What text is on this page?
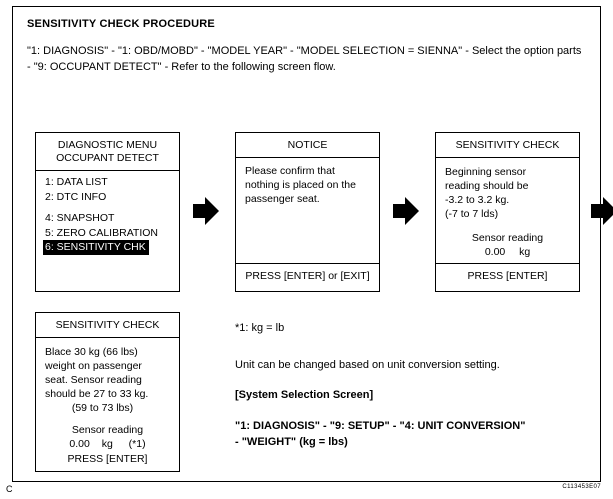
SENSITIVITY CHECK PROCEDURE
"1: DIAGNOSIS" - "1: OBD/MOBD" - "MODEL YEAR" - "MODEL SELECTION = SIENNA" - Select the option parts - "9: OCCUPANT DETECT" - Refer to the following screen flow.
DIAGNOSTIC MENU
OCCUPANT DETECT
1: DATA LIST
2: DTC INFO
4: SNAPSHOT
5: ZERO CALIBRATION
6: SENSITIVITY CHK
NOTICE
Please confirm that nothing is placed on the passenger seat.
PRESS [ENTER] or [EXIT]
SENSITIVITY CHECK
Beginning sensor
reading should be
-3.2 to 3.2 kg.
(-7 to 7 lds)
Sensor reading
0.00 kg
PRESS [ENTER]
SENSITIVITY CHECK
Blace 30 kg (66 lbs)
weight on passenger
seat. Sensor reading
should be 27 to 33 kg.
(59 to 73 lbs)
Sensor reading
0.00 kg (*1)
PRESS [ENTER]
*1: kg = lb
Unit can be changed based on unit conversion setting.
[System Selection Screen]
"1: DIAGNOSIS" - "9: SETUP" - "4: UNIT CONVERSION"
- "WEIGHT" (kg = lbs)
C	C113453E07
